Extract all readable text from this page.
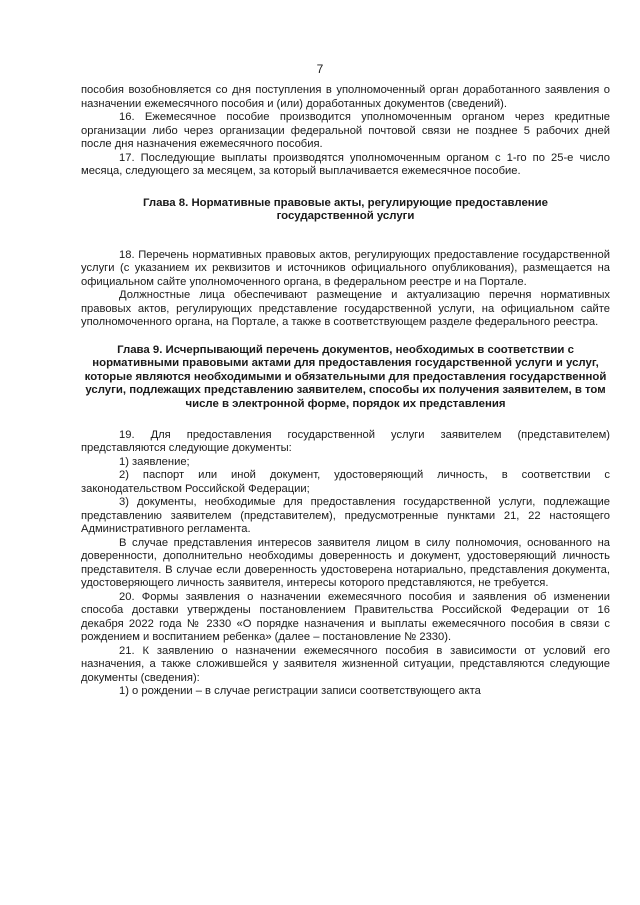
7

пособия возобновляется со дня поступления в уполномоченный орган доработанного заявления о назначении ежемесячного пособия и (или) доработанных документов (сведений).

16. Ежемесячное пособие производится уполномоченным органом через кредитные организации либо через организации федеральной почтовой связи не позднее 5 рабочих дней после дня назначения ежемесячного пособия.

17. Последующие выплаты производятся уполномоченным органом с 1-го по 25-е число месяца, следующего за месяцем, за который выплачивается ежемесячное пособие.

Глава 8. Нормативные правовые акты, регулирующие предоставление государственной услуги

18. Перечень нормативных правовых актов, регулирующих предоставление государственной услуги (с указанием их реквизитов и источников официального опубликования), размещается на официальном сайте уполномоченного органа, в федеральном реестре и на Портале.

Должностные лица обеспечивают размещение и актуализацию перечня нормативных правовых актов, регулирующих представление государственной услуги, на официальном сайте уполномоченного органа, на Портале, а также в соответствующем разделе федерального реестра.

Глава 9. Исчерпывающий перечень документов, необходимых в соответствии с нормативными правовыми актами для предоставления государственной услуги и услуг, которые являются необходимыми и обязательными для предоставления государственной услуги, подлежащих представлению заявителем, способы их получения заявителем, в том числе в электронной форме, порядок их представления

19. Для предоставления государственной услуги заявителем (представителем) представляются следующие документы:

1) заявление;

2) паспорт или иной документ, удостоверяющий личность, в соответствии с законодательством Российской Федерации;

3) документы, необходимые для предоставления государственной услуги, подлежащие представлению заявителем (представителем), предусмотренные пунктами 21, 22 настоящего Административного регламента.

В случае представления интересов заявителя лицом в силу полномочия, основанного на доверенности, дополнительно необходимы доверенность и документ, удостоверяющий личность представителя. В случае если доверенность удостоверена нотариально, представления документа, удостоверяющего личность заявителя, интересы которого представляются, не требуется.

20. Формы заявления о назначении ежемесячного пособия и заявления об изменении способа доставки утверждены постановлением Правительства Российской Федерации от 16 декабря 2022 года № 2330 «О порядке назначения и выплаты ежемесячного пособия в связи с рождением и воспитанием ребенка» (далее – постановление № 2330).

21. К заявлению о назначении ежемесячного пособия в зависимости от условий его назначения, а также сложившейся у заявителя жизненной ситуации, представляются следующие документы (сведения):

1) о рождении – в случае регистрации записи соответствующего акта
